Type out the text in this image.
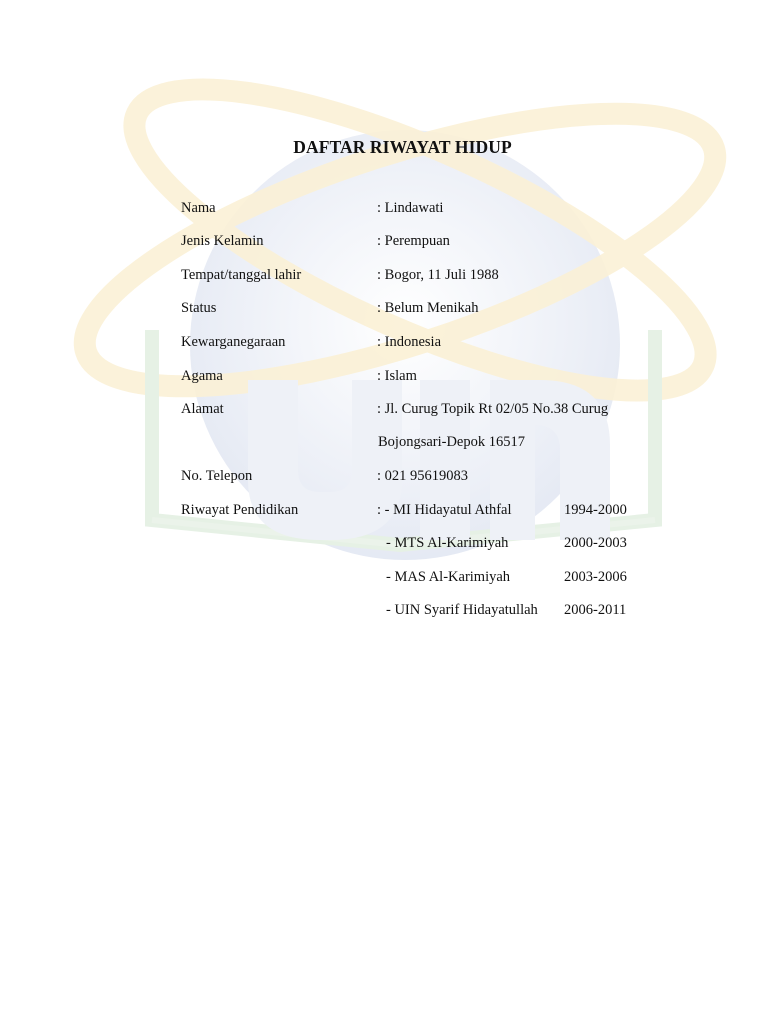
DAFTAR RIWAYAT HIDUP
Nama	: Lindawati
Jenis Kelamin	: Perempuan
Tempat/tanggal lahir	: Bogor, 11 Juli 1988
Status	: Belum Menikah
Kewarganegaraan	: Indonesia
Agama	: Islam
Alamat	: Jl. Curug Topik Rt 02/05 No.38 Curug
Bojongsari-Depok 16517
No. Telepon	: 021 95619083
Riwayat Pendidikan	: - MI Hidayatul Athfal	1994-2000
- MTS Al-Karimiyah	2000-2003
- MAS Al-Karimiyah	2003-2006
- UIN Syarif Hidayatullah 2006-2011
